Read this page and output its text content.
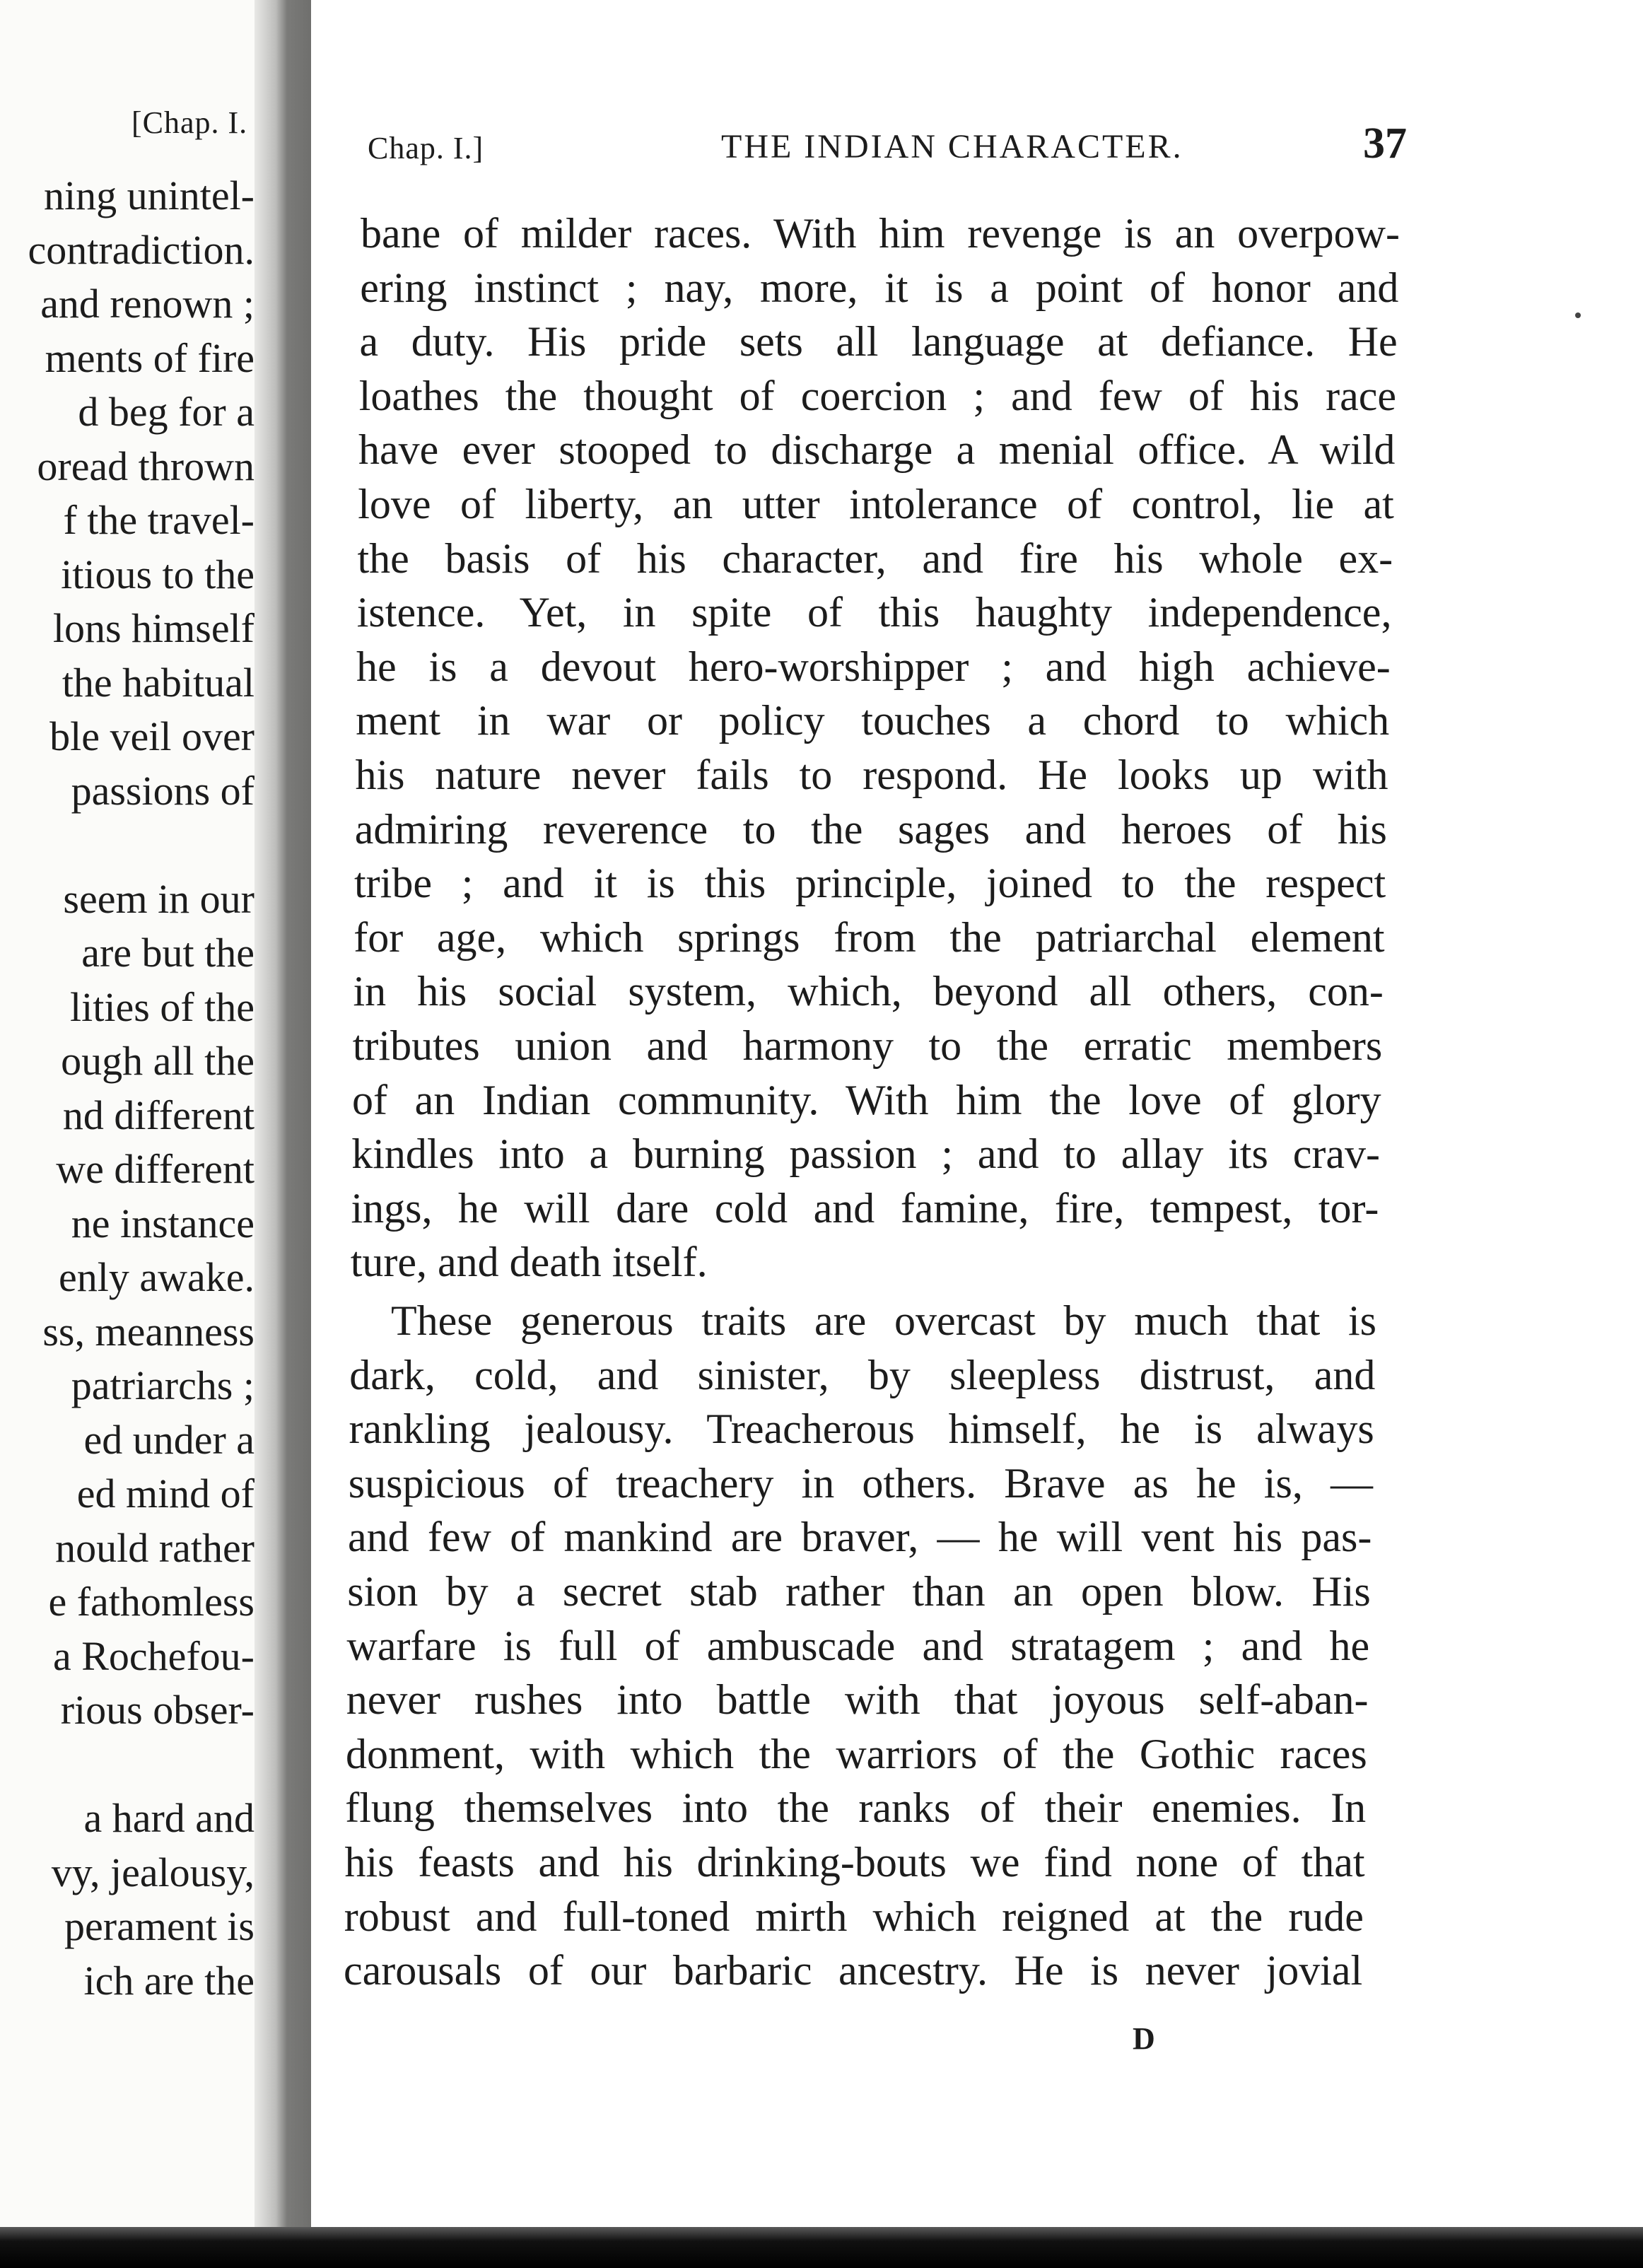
[Chap. I.
ning unintel-
contradiction.
and renown ;
ments of fire
d beg for a
oread thrown
f the travel-
itious to the
lons himself
the habitual
ble veil over
passions of
seem in our
are but the
lities of the
ough all the
nd different
we different
ne instance
enly awake.
ss, meanness
patriarchs ;
ed under a
ed mind of
nould rather
e fathomless
a Rochefou-
rious obser-
a hard and
vy, jealousy,
perament is
ich are the
Chap. I.]	THE INDIAN CHARACTER.	37
bane of milder races. With him revenge is an overpow-
ering instinct ; nay, more, it is a point of honor and
a duty. His pride sets all language at defiance. He
loathes the thought of coercion ; and few of his race
have ever stooped to discharge a menial office. A wild
love of liberty, an utter intolerance of control, lie at
the basis of his character, and fire his whole ex-
istence. Yet, in spite of this haughty independence,
he is a devout hero-worshipper ; and high achieve-
ment in war or policy touches a chord to which
his nature never fails to respond. He looks up with
admiring reverence to the sages and heroes of his
tribe ; and it is this principle, joined to the respect
for age, which springs from the patriarchal element
in his social system, which, beyond all others, con-
tributes union and harmony to the erratic members
of an Indian community. With him the love of glory
kindles into a burning passion ; and to allay its crav-
ings, he will dare cold and famine, fire, tempest, tor-
ture, and death itself.
These generous traits are overcast by much that is
dark, cold, and sinister, by sleepless distrust, and
rankling jealousy. Treacherous himself, he is always
suspicious of treachery in others. Brave as he is, —
and few of mankind are braver, — he will vent his pas-
sion by a secret stab rather than an open blow. His
warfare is full of ambuscade and stratagem ; and he
never rushes into battle with that joyous self-aban-
donment, with which the warriors of the Gothic races
flung themselves into the ranks of their enemies. In
his feasts and his drinking-bouts we find none of that
robust and full-toned mirth which reigned at the rude
carousals of our barbaric ancestry. He is never jovial
D
